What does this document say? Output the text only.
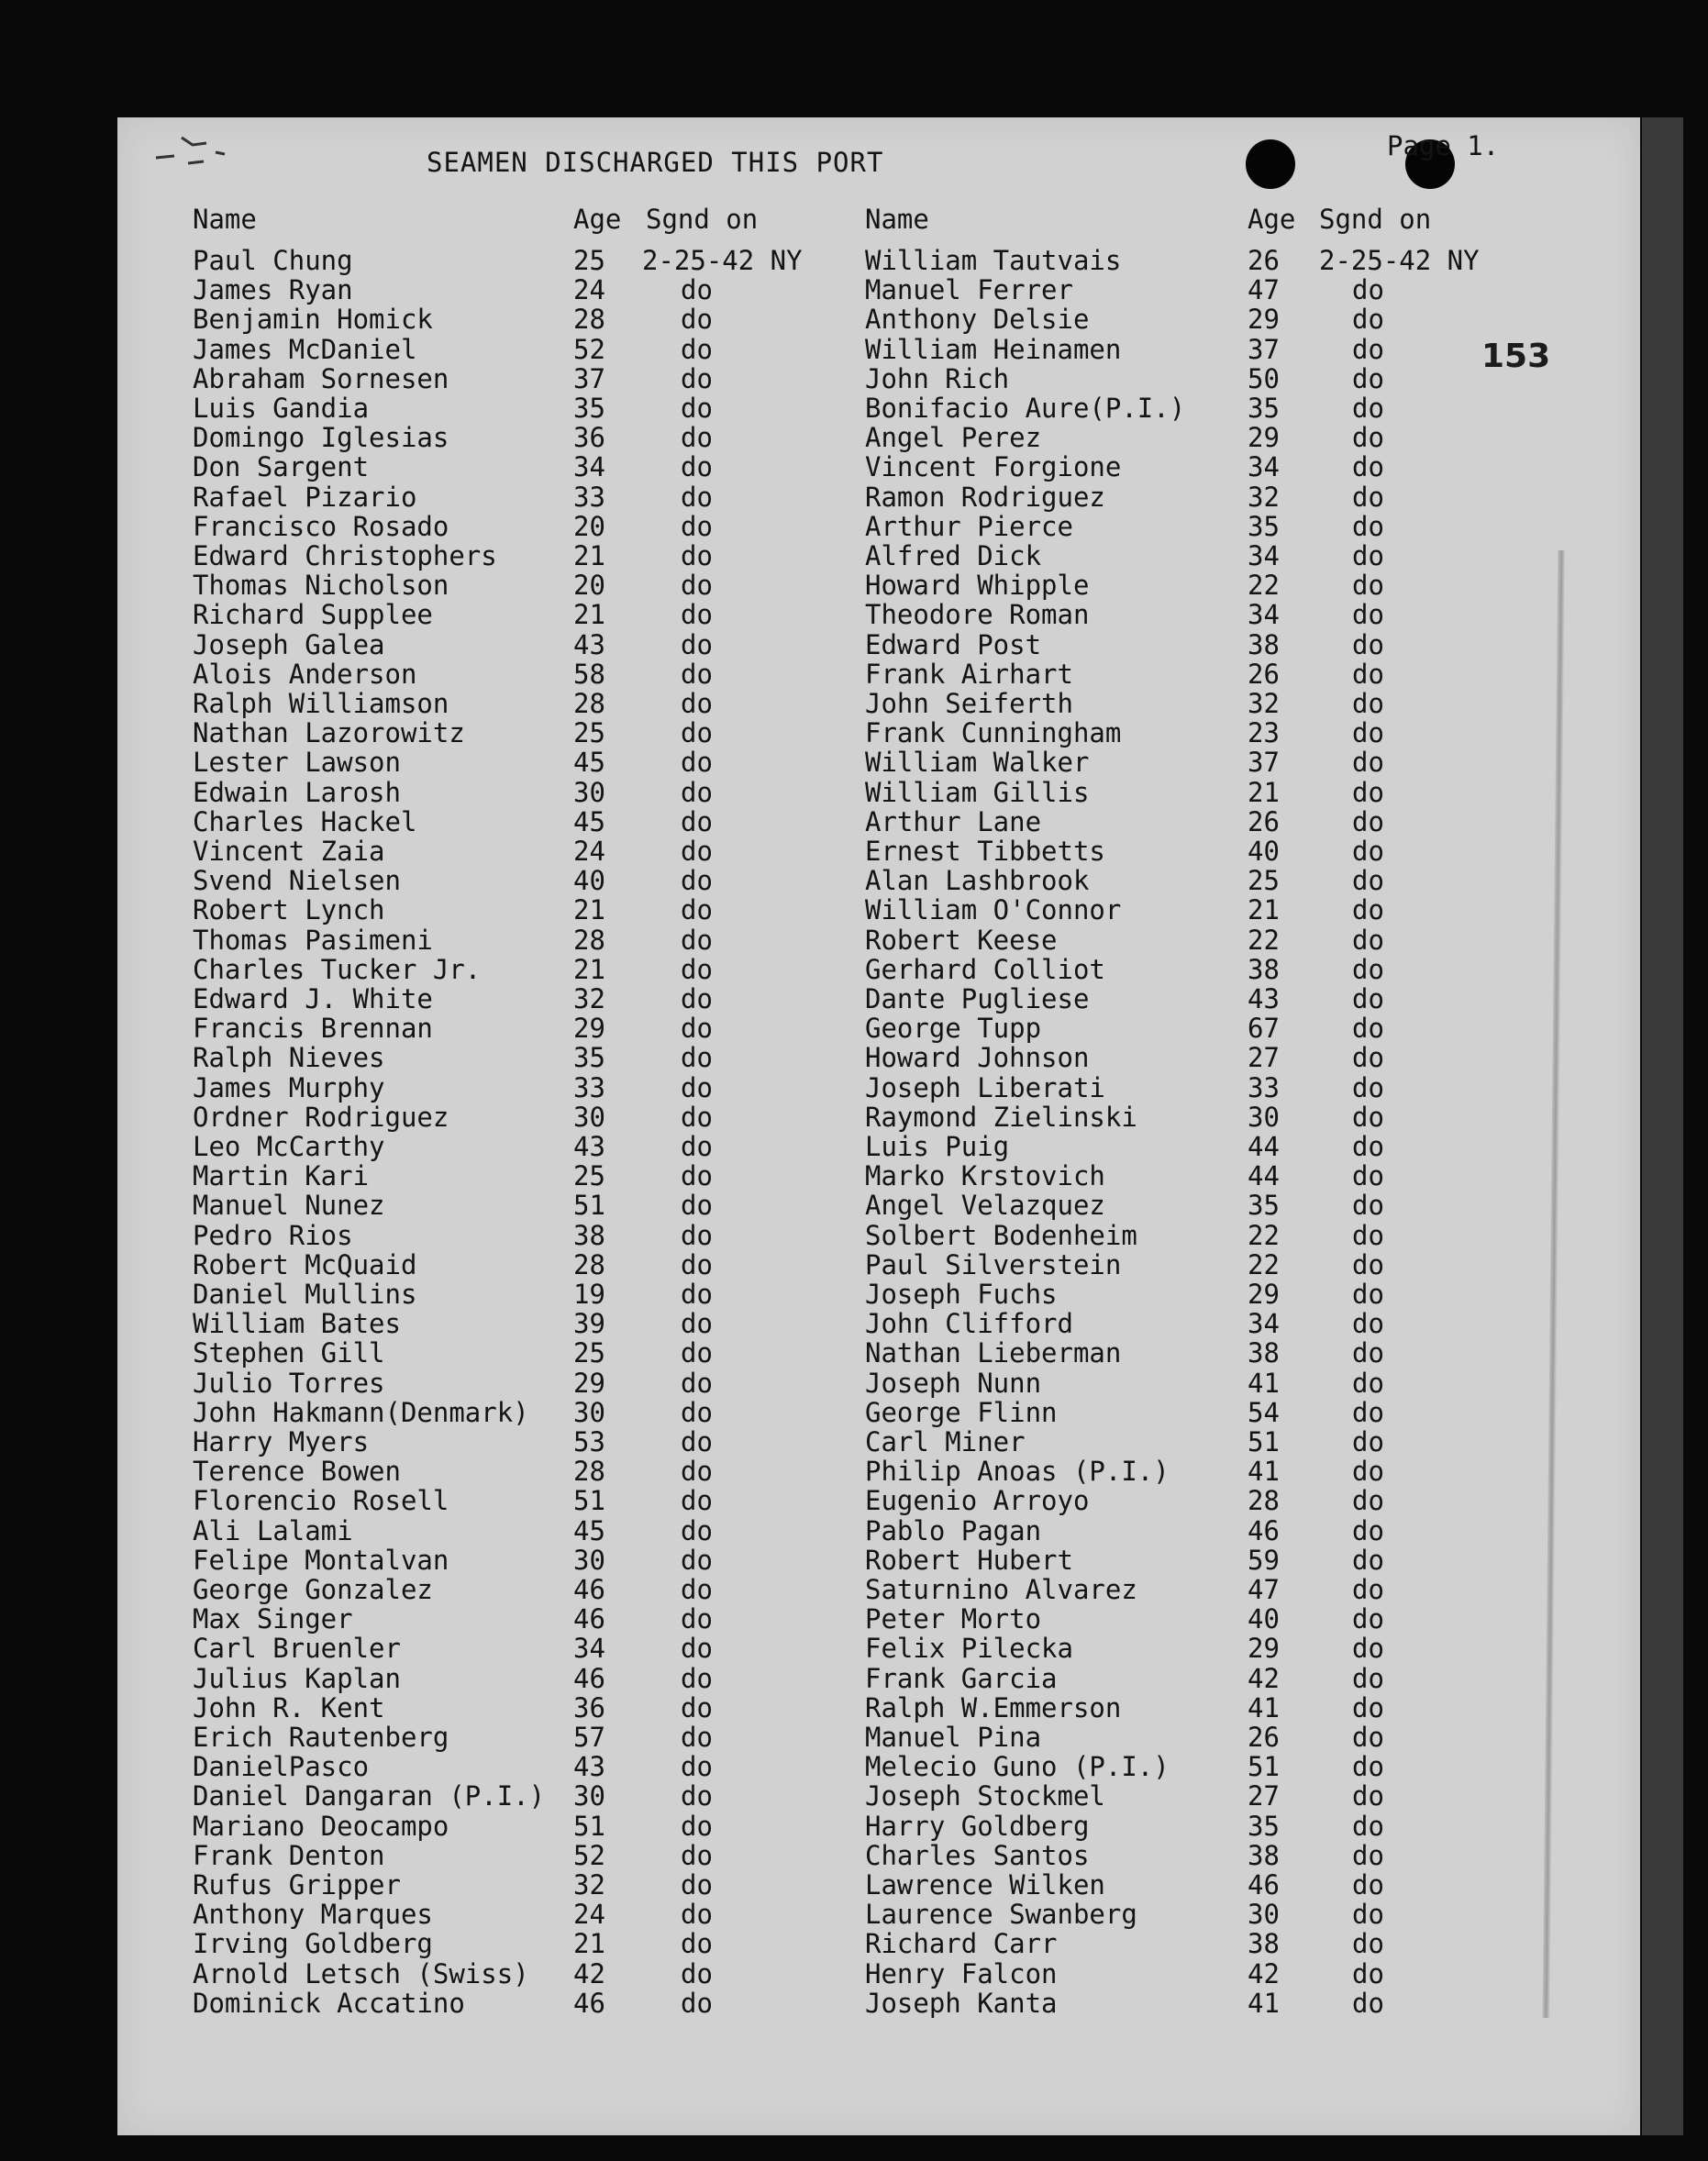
SEAMEN DISCHARGED THIS PORT
Page 1.
153
Name	Age Sgnd on	Name	Age Sgnd on
Paul Chung	25 2-25-42 NY
James Ryan	24	do
Benjamin Homick	28	do
James McDaniel	52	do
Abraham Sornesen	37	do
Luis Gandia	35	do
Domingo Iglesias	36	do
Don Sargent	34	do
Rafael Pizario	33	do
Francisco Rosado	20	do
Edward Christophers	21	do
Thomas Nicholson	20	do
Richard Supplee	21	do
Joseph Galea	43	do
Alois Anderson	58	do
Ralph Williamson	28	do
Nathan Lazorowitz	25	do
Lester Lawson	45	do
Edwain Larosh	30	do
Charles Hackel	45	do
Vincent Zaia	24	do
Svend Nielsen	40	do
Robert Lynch	21	do
Thomas Pasimeni	28	do
Charles Tucker Jr.	21	do
Edward J. White	32	do
Francis Brennan	29	do
Ralph Nieves	35	do
James Murphy	33	do
Ordner Rodriguez	30	do
Leo McCarthy	43	do
Martin Kari	25	do
Manuel Nunez	51	do
Pedro Rios	38	do
Robert McQuaid	28	do
Daniel Mullins	19	do
William Bates	39	do
Stephen Gill	25	do
Julio Torres	29	do
John Hakmann(Denmark) 30	do
Harry Myers	53	do
Terence Bowen	28	do
Florencio Rosell	51	do
Ali Lalami	45	do
Felipe Montalvan	30	do
George Gonzalez	46	do
Max Singer	46	do
Carl Bruenler	34	do
Julius Kaplan	46	do
John R. Kent	36	do
Erich Rautenberg	57	do
DanielPasco	43	do
Daniel Dangaran (P.I.) 30	do
Mariano Deocampo	51	do
Frank Denton	52	do
Rufus Gripper	32	do
Anthony Marques	24	do
Irving Goldberg	21	do
Arnold Letsch (Swiss) 42	do
Dominick Accatino	46	do
William Tautvais	26 2-25-42 NY
Manuel Ferrer	47	do
Anthony Delsie	29	do
William Heinamen	37	do
John Rich	50	do
Bonifacio Aure(P.I.) 35	do
Angel Perez	29	do
Vincent Forgione	34	do
Ramon Rodriguez	32	do
Arthur Pierce	35	do
Alfred Dick	34	do
Howard Whipple	22	do
Theodore Roman	34	do
Edward Post	38	do
Frank Airhart	26	do
John Seiferth	32	do
Frank Cunningham	23	do
William Walker	37	do
William Gillis	21	do
Arthur Lane	26	do
Ernest Tibbetts	40	do
Alan Lashbrook	25	do
William O'Connor	21	do
Robert Keese	22	do
Gerhard Colliot	38	do
Dante Pugliese	43	do
George Tupp	67	do
Howard Johnson	27	do
Joseph Liberati	33	do
Raymond Zielinski	30	do
Luis Puig	44	do
Marko Krstovich	44	do
Angel Velazquez	35	do
Solbert Bodenheim	22	do
Paul Silverstein	22	do
Joseph Fuchs	29	do
John Clifford	34	do
Nathan Lieberman	38	do
Joseph Nunn	41	do
George Flinn	54	do
Carl Miner	51	do
Philip Anoas (P.I.)	41	do
Eugenio Arroyo	28	do
Pablo Pagan	46	do
Robert Hubert	59	do
Saturnino Alvarez	47	do
Peter Morto	40	do
Felix Pilecka	29	do
Frank Garcia	42	do
Ralph W.Emmerson	41	do
Manuel Pina	26	do
Melecio Guno (P.I.)	51	do
Joseph Stockmel	27	do
Harry Goldberg	35	do
Charles Santos	38	do
Lawrence Wilken	46	do
Laurence Swanberg	30	do
Richard Carr	38	do
Henry Falcon	42	do
Joseph Kanta	41	do
